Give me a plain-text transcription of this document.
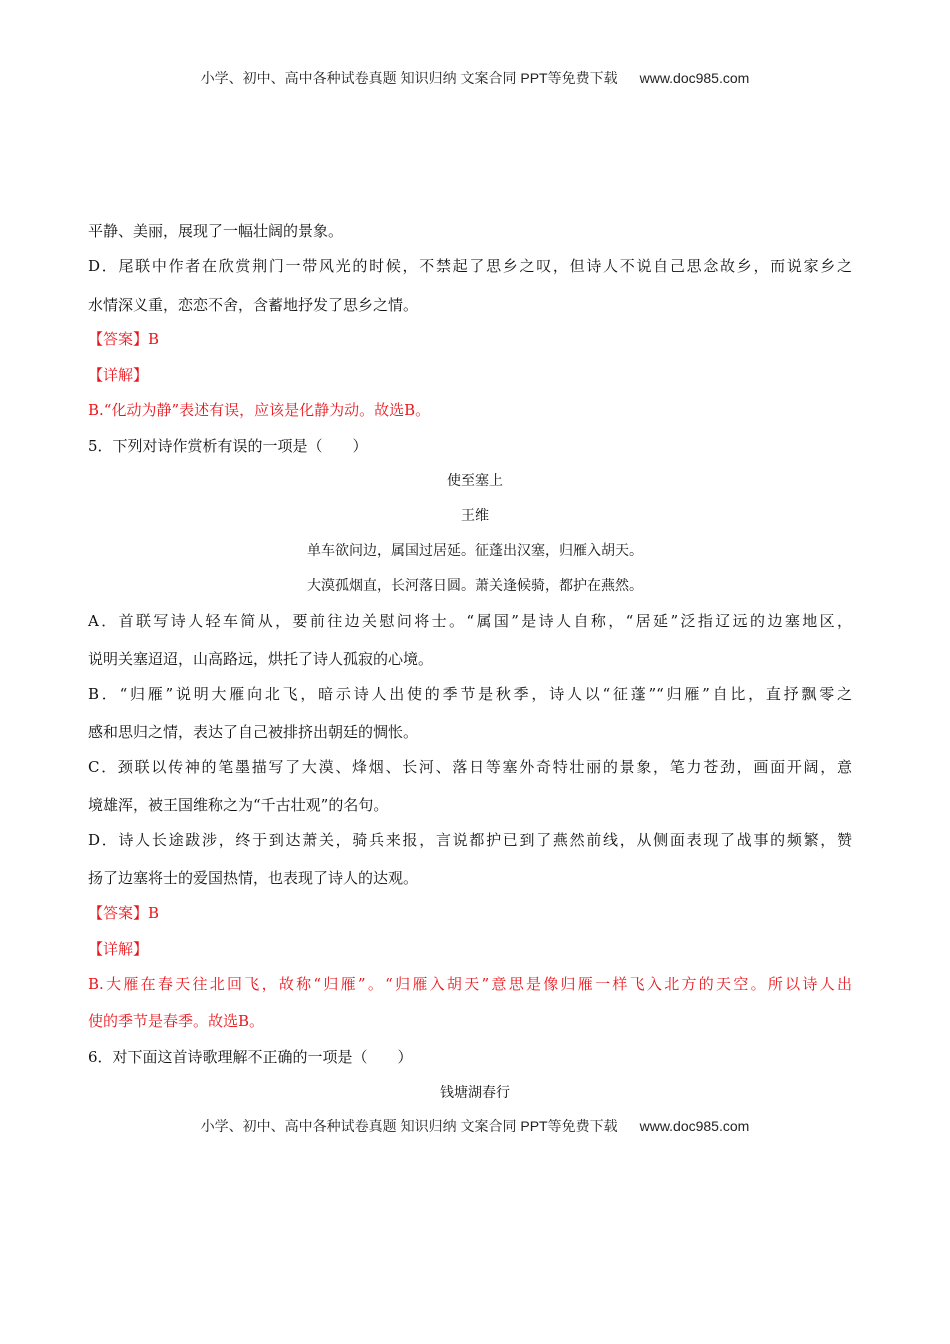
小学、初中、高中各种试卷真题 知识归纳 文案合同 PPT等免费下载 www.doc985.com
平静、美丽，展现了一幅壮阔的景象。
D．尾联中作者在欣赏荆门一带风光的时候，不禁起了思乡之叹，但诗人不说自己思念故乡，而说家乡之
水情深义重，恋恋不舍，含蓄地抒发了思乡之情。
【答案】B
【详解】
B.“化动为静”表述有误，应该是化静为动。故选B。
5．下列对诗作赏析有误的一项是（　　）
使至塞上
王维
单车欲问边，属国过居延。征蓬出汉塞，归雁入胡天。
大漠孤烟直，长河落日圆。萧关逢候骑，都护在燕然。
A．首联写诗人轻车简从，要前往边关慰问将士。“属国”是诗人自称，“居延”泛指辽远的边塞地区，
说明关塞迢迢，山高路远，烘托了诗人孤寂的心境。
B．“归雁”说明大雁向北飞，暗示诗人出使的季节是秋季，诗人以“征蓬”“归雁”自比，直抒飘零之
感和思归之情，表达了自己被排挤出朝廷的惆怅。
C．颈联以传神的笔墨描写了大漠、烽烟、长河、落日等塞外奇特壮丽的景象，笔力苍劲，画面开阔，意
境雄浑，被王国维称之为“千古壮观”的名句。
D．诗人长途跋涉，终于到达萧关，骑兵来报，言说都护已到了燕然前线，从侧面表现了战事的频繁，赞
扬了边塞将士的爱国热情，也表现了诗人的达观。
【答案】B
【详解】
B.大雁在春天往北回飞，故称“归雁”。“归雁入胡天”意思是像归雁一样飞入北方的天空。所以诗人出
使的季节是春季。故选B。
6．对下面这首诗歌理解不正确的一项是（　　）
钱塘湖春行
小学、初中、高中各种试卷真题 知识归纳 文案合同 PPT等免费下载 www.doc985.com
